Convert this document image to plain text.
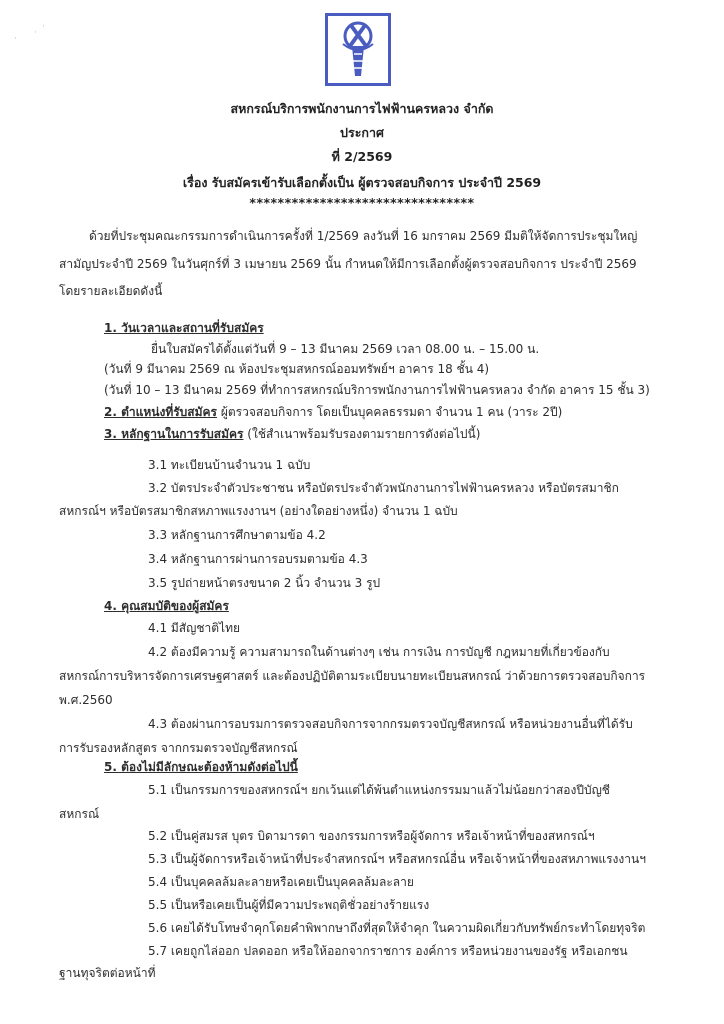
·
·
·
สหกรณ์บริการพนักงานการไฟฟ้านครหลวง จำกัด
ประกาศ
ที่ 2/2569
เรื่อง รับสมัครเข้ารับเลือกตั้งเป็น ผู้ตรวจสอบกิจการ ประจำปี 2569
********************************
ด้วยที่ประชุมคณะกรรมการดำเนินการครั้งที่ 1/2569 ลงวันที่ 16 มกราคม 2569 มีมติให้จัดการประชุมใหญ่
สามัญประจำปี 2569 ในวันศุกร์ที่ 3 เมษายน 2569 นั้น กำหนดให้มีการเลือกตั้งผู้ตรวจสอบกิจการ ประจำปี 2569
โดยรายละเอียดดังนี้
1. วันเวลาและสถานที่รับสมัคร
ยื่นใบสมัครได้ตั้งแต่วันที่ 9 – 13 มีนาคม 2569 เวลา 08.00 น. – 15.00 น.
(วันที่ 9 มีนาคม 2569 ณ ห้องประชุมสหกรณ์ออมทรัพย์ฯ อาคาร 18 ชั้น 4)
(วันที่ 10 – 13 มีนาคม 2569 ที่ทำการสหกรณ์บริการพนักงานการไฟฟ้านครหลวง จำกัด อาคาร 15 ชั้น 3)
2. ตำแหน่งที่รับสมัคร ผู้ตรวจสอบกิจการ โดยเป็นบุคคลธรรมดา จำนวน 1 คน (วาระ 2ปี)
3. หลักฐานในการรับสมัคร (ใช้สำเนาพร้อมรับรองตามรายการดังต่อไปนี้)
3.1 ทะเบียนบ้านจำนวน 1 ฉบับ
3.2 บัตรประจำตัวประชาชน หรือบัตรประจำตัวพนักงานการไฟฟ้านครหลวง หรือบัตรสมาชิก
สหกรณ์ฯ หรือบัตรสมาชิกสหภาพแรงงานฯ (อย่างใดอย่างหนึ่ง) จำนวน 1 ฉบับ
3.3 หลักฐานการศึกษาตามข้อ 4.2
3.4 หลักฐานการผ่านการอบรมตามข้อ 4.3
3.5 รูปถ่ายหน้าตรงขนาด 2 นิ้ว จำนวน 3 รูป
4. คุณสมบัติของผู้สมัคร
4.1 มีสัญชาติไทย
4.2 ต้องมีความรู้ ความสามารถในด้านต่างๆ เช่น การเงิน การบัญชี กฎหมายที่เกี่ยวข้องกับ
สหกรณ์การบริหารจัดการเศรษฐศาสตร์ และต้องปฏิบัติตามระเบียบนายทะเบียนสหกรณ์ ว่าด้วยการตรวจสอบกิจการ
พ.ศ.2560
4.3 ต้องผ่านการอบรมการตรวจสอบกิจการจากกรมตรวจบัญชีสหกรณ์ หรือหน่วยงานอื่นที่ได้รับ
การรับรองหลักสูตร จากกรมตรวจบัญชีสหกรณ์
5. ต้องไม่มีลักษณะต้องห้ามดังต่อไปนี้
5.1 เป็นกรรมการของสหกรณ์ฯ ยกเว้นแต่ได้พ้นตำแหน่งกรรมมาแล้วไม่น้อยกว่าสองปีบัญชี
สหกรณ์
5.2 เป็นคู่สมรส บุตร บิดามารดา ของกรรมการหรือผู้จัดการ หรือเจ้าหน้าที่ของสหกรณ์ฯ
5.3 เป็นผู้จัดการหรือเจ้าหน้าที่ประจำสหกรณ์ฯ หรือสหกรณ์อื่น หรือเจ้าหน้าที่ของสหภาพแรงงานฯ
5.4 เป็นบุคคลล้มละลายหรือเคยเป็นบุคคลล้มละลาย
5.5 เป็นหรือเคยเป็นผู้ที่มีความประพฤติชั่วอย่างร้ายแรง
5.6 เคยได้รับโทษจำคุกโดยคำพิพากษาถึงที่สุดให้จำคุก ในความผิดเกี่ยวกับทรัพย์กระทำโดยทุจริต
5.7 เคยถูกไล่ออก ปลดออก หรือให้ออกจากราชการ องค์การ หรือหน่วยงานของรัฐ หรือเอกชน
ฐานทุจริตต่อหน้าที่
